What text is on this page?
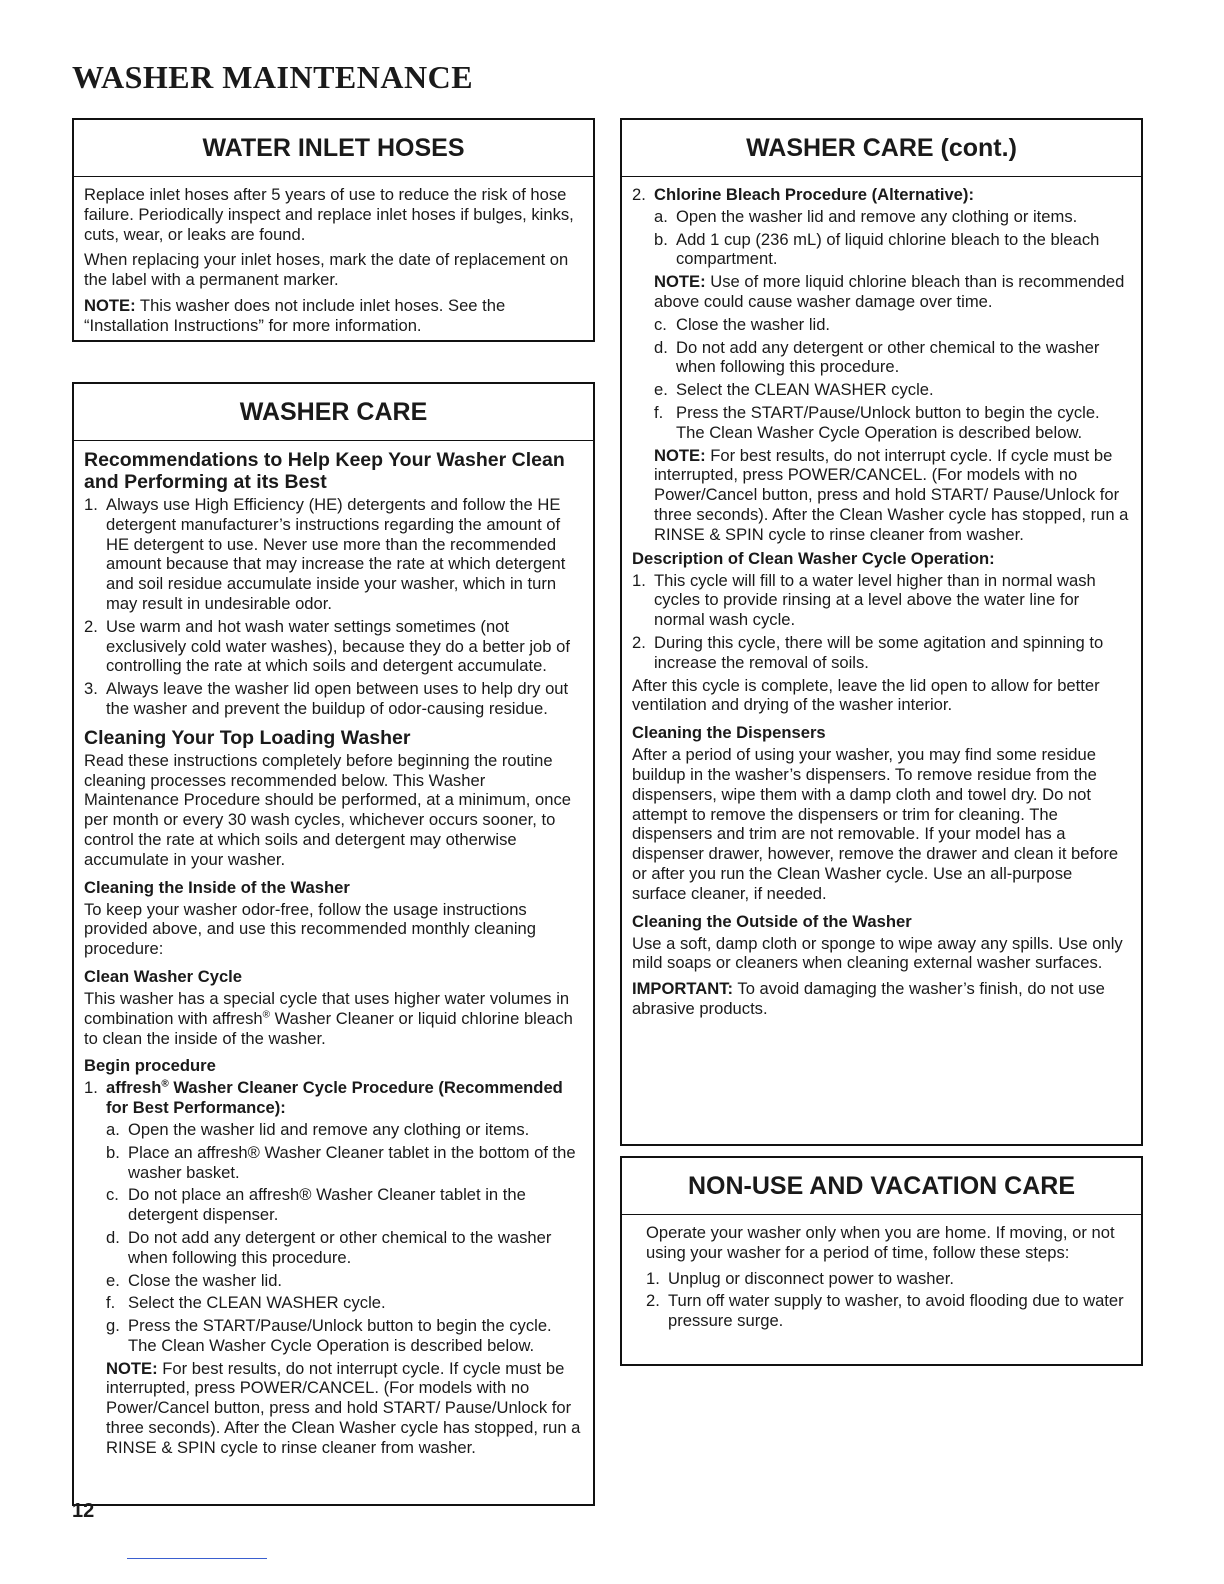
WASHER MAINTENANCE
WATER INLET HOSES

Replace inlet hoses after 5 years of use to reduce the risk of hose failure. Periodically inspect and replace inlet hoses if bulges, kinks, cuts, wear, or leaks are found.

When replacing your inlet hoses, mark the date of replacement on the label with a permanent marker.

NOTE: This washer does not include inlet hoses. See the “Installation Instructions” for more information.

WASHER CARE
Recommendations to Help Keep Your Washer Clean and Performing at its Best
1. Always use High Efficiency (HE) detergents and follow the HE detergent manufacturer’s instructions regarding the amount of HE detergent to use. Never use more than the recommended amount because that may increase the rate at which detergent and soil residue accumulate inside your washer, which in turn may result in undesirable odor.
2. Use warm and hot wash water settings sometimes (not exclusively cold water washes), because they do a better job of controlling the rate at which soils and detergent accumulate.
3. Always leave the washer lid open between uses to help dry out the washer and prevent the buildup of odor-causing residue.
Cleaning Your Top Loading Washer

Read these instructions completely before beginning the routine cleaning processes recommended below. This Washer Maintenance Procedure should be performed, at a minimum, once per month or every 30 wash cycles, whichever occurs sooner, to control the rate at which soils and detergent may otherwise accumulate in your washer.

Cleaning the Inside of the Washer

To keep your washer odor-free, follow the usage instructions provided above, and use this recommended monthly cleaning procedure:

Clean Washer Cycle

This washer has a special cycle that uses higher water volumes in combination with affresh® Washer Cleaner or liquid chlorine bleach to clean the inside of the washer.

Begin procedure
1. affresh® Washer Cleaner Cycle Procedure (Recommended for Best Performance):
a. Open the washer lid and remove any clothing or items.
b. Place an affresh® Washer Cleaner tablet in the bottom of the washer basket.
c. Do not place an affresh® Washer Cleaner tablet in the detergent dispenser.
d. Do not add any detergent or other chemical to the washer when following this procedure.
e. Close the washer lid.
f. Select the CLEAN WASHER cycle.
g. Press the START/Pause/Unlock button to begin the cycle. The Clean Washer Cycle Operation is described below.

NOTE: For best results, do not interrupt cycle. If cycle must be interrupted, press POWER/CANCEL. (For models with no Power/Cancel button, press and hold START/ Pause/Unlock for three seconds). After the Clean Washer cycle has stopped, run a RINSE & SPIN cycle to rinse cleaner from washer.

WASHER CARE (cont.)
2. Chlorine Bleach Procedure (Alternative):
a. Open the washer lid and remove any clothing or items.
b. Add 1 cup (236 mL) of liquid chlorine bleach to the bleach compartment.

NOTE: Use of more liquid chlorine bleach than is recommended above could cause washer damage over time.

c. Close the washer lid.
d. Do not add any detergent or other chemical to the washer when following this procedure.
e. Select the CLEAN WASHER cycle.
f. Press the START/Pause/Unlock button to begin the cycle. The Clean Washer Cycle Operation is described below.

NOTE: For best results, do not interrupt cycle. If cycle must be interrupted, press POWER/CANCEL. (For models with no Power/Cancel button, press and hold START/ Pause/Unlock for three seconds). After the Clean Washer cycle has stopped, run a RINSE & SPIN cycle to rinse cleaner from washer.

Description of Clean Washer Cycle Operation:
1. This cycle will fill to a water level higher than in normal wash cycles to provide rinsing at a level above the water line for normal wash cycle.
2. During this cycle, there will be some agitation and spinning to increase the removal of soils.

After this cycle is complete, leave the lid open to allow for better ventilation and drying of the washer interior.

Cleaning the Dispensers

After a period of using your washer, you may find some residue buildup in the washer’s dispensers. To remove residue from the dispensers, wipe them with a damp cloth and towel dry. Do not attempt to remove the dispensers or trim for cleaning. The dispensers and trim are not removable. If your model has a dispenser drawer, however, remove the drawer and clean it before or after you run the Clean Washer cycle. Use an all-purpose surface cleaner, if needed.

Cleaning the Outside of the Washer

Use a soft, damp cloth or sponge to wipe away any spills. Use only mild soaps or cleaners when cleaning external washer surfaces.

IMPORTANT: To avoid damaging the washer’s finish, do not use abrasive products.

NON-USE AND VACATION CARE

Operate your washer only when you are home. If moving, or not using your washer for a period of time, follow these steps:

1. Unplug or disconnect power to washer.
2. Turn off water supply to washer, to avoid flooding due to water pressure surge.
12
